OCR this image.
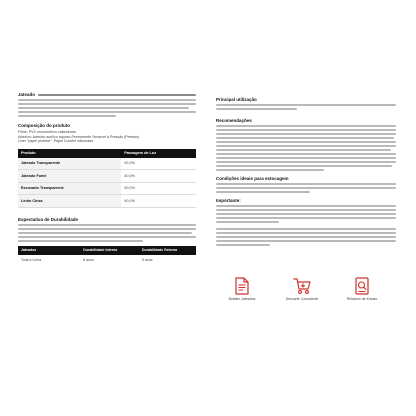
Jateado
Composição do produto
Filme: PVC monomérico calandrado
Adesivo: Adesivo acrílico aquoso Permanente Sensível à Pressão (Pelesso)
Liner "papel protetor": Papel Couché siliconado
Produto	Passagem de Luz
Jateado Transparente	92,0%
Jateado Fumê	40,0%
Escovado Transparente	90,0%
Linho Cinza	90,0%
Expectativa de Durabilidade
Jateados	Durabilidade Interna	Durabilidade Externa
Toda a Linha	8 anos	5 anos
Principal utilização
Recomendações
Condições ideais para estocagem
Importante:
Boletim Jateados	Descarte Consciente	Relatório de Ensaio
